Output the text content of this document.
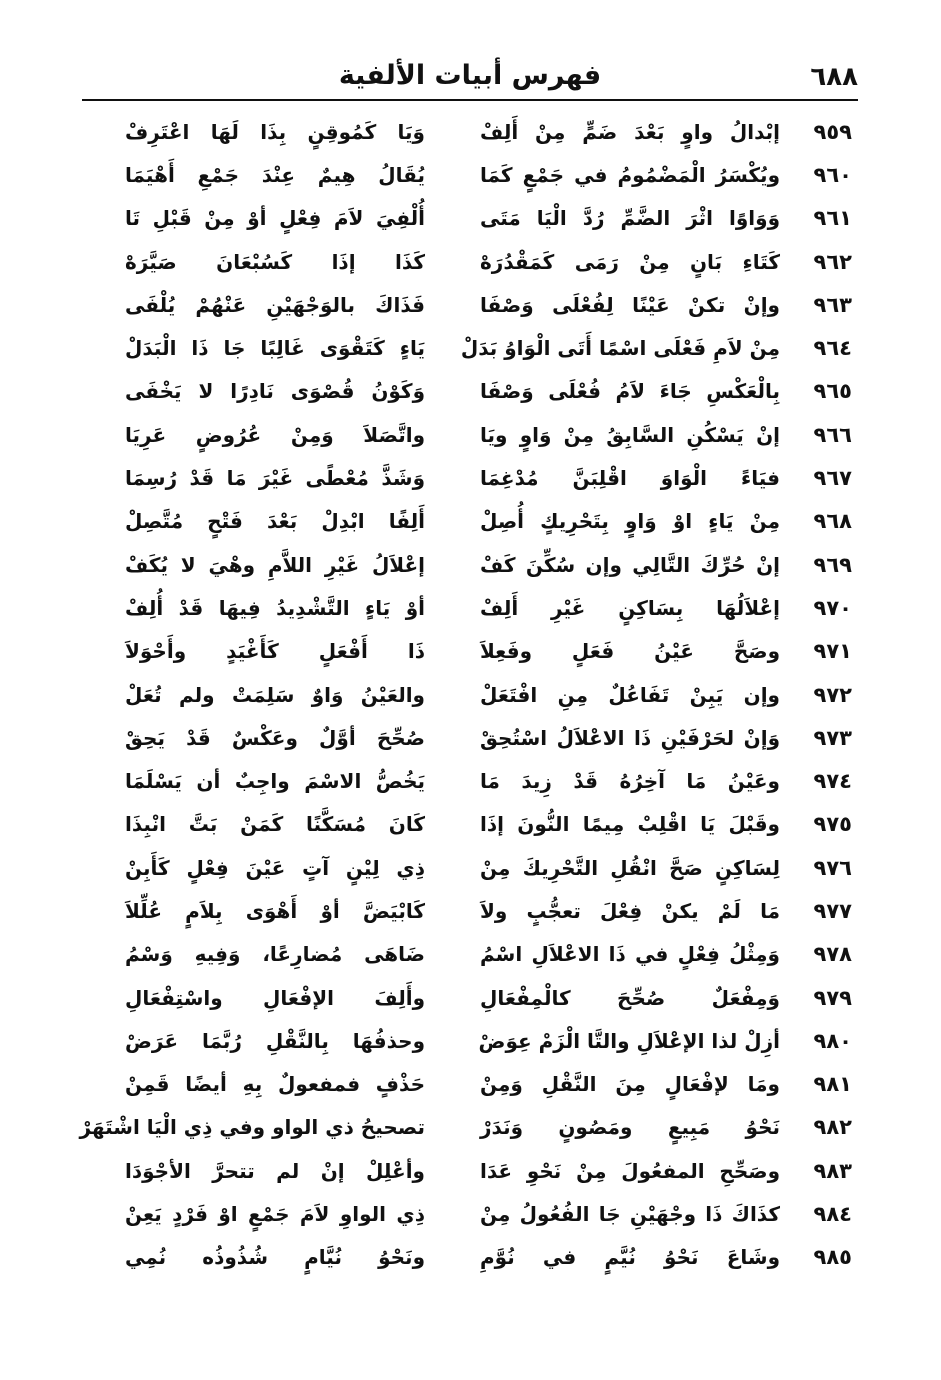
٦٨٨
فهرس أبيات الألفية
٩٥٩
إبْدالُ واوٍ بَعْدَ ضَمٍّ مِنْ أَلِفْ
وَيَا كَمُوقِنٍ بِذَا لَهَا اعْتَرِفْ
٩٦٠
ويُكْسَرُ الْمَضْمُومُ في جَمْعٍ كَمَا
يُقَالُ هِيمٌ عِنْدَ جَمْعِ أَهْيَمَا
٩٦١
وَوَاوًا اثْرَ الضَّمِّ رُدَّ الْيَا مَتَى
أُلْفِيَ لاَمَ فِعْلٍ أوْ مِنْ قَبْلِ تَا
٩٦٢
كَتَاءِ بَانٍ مِنْ رَمَى كَمَقْدُرَهْ
كَذَا إذَا كَسُبْعَانَ صَيَّرَهْ
٩٦٣
وإنْ تكنْ عَيْنًا لِفُعْلَى وَصْفَا
فَذَاكَ بالوَجْهَيْنِ عَنْهُمْ يُلْفَى
٩٦٤
مِنْ لاَمِ فَعْلَى اسْمًا أَتَى الْوَاوُ بَدَلْ
يَاءٍ كَتَقْوَى غَالِبًا جَا ذَا الْبَدَلْ
٩٦٥
بِالْعَكْسِ جَاءَ لاَمُ فُعْلَى وَصْفَا
وَكَوْنُ قُصْوَى نَادِرًا لا يَخْفَى
٩٦٦
إنْ يَسْكُنِ السَّابِقُ مِنْ وَاوٍ ويَا
واتَّصَلاَ وَمِنْ عُرُوضٍ عَرِيَا
٩٦٧
فيَاءً الْوَاوَ اقْلِبَنَّ مُدْغِمَا
وَشَذَّ مُعْطًى غَيْرَ مَا قَدْ رُسِمَا
٩٦٨
مِنْ يَاءٍ اوْ وَاوٍ بِتَحْرِيكٍ أُصِلْ
أَلِفًا ابْدِلْ بَعْدَ فَتْحٍ مُتَّصِلْ
٩٦٩
إنْ حُرِّكَ التَّالِي وإن سُكِّنَ كَفْ
إعْلاَلُ غَيْرِ اللاَّمِ وهْيَ لا يُكَفْ
٩٧٠
إعْلاَلُهَا بِسَاكِنٍ غَيْرِ أَلِفْ
أوْ يَاءٍ التَّشْدِيدُ فِيهَا قَدْ أُلِفْ
٩٧١
وصَحَّ عَيْنُ فَعَلٍ وفَعِلاَ
ذَا أَفْعَلٍ كَأَغْيَدٍ وأَحْوَلاَ
٩٧٢
وإن يَبِنْ تَفَاعُلٌ مِنِ افْتَعَلْ
والعَيْنُ وَاوٌ سَلِمَتْ ولم تُعَلْ
٩٧٣
وَإنْ لحَرْفَيْنِ ذَا الاعْلاَلُ اسْتُحِقْ
صُحِّحَ أوَّلٌ وعَكْسٌ قَدْ يَحِقْ
٩٧٤
وعَيْنُ مَا آخِرُهُ قَدْ زِيدَ مَا
يَخُصُّ الاسْمَ واجِبٌ أن يَسْلَمَا
٩٧٥
وقَبْلَ يَا اقْلِبْ مِيمًا النُّونَ إذَا
كَانَ مُسَكَّنًا كَمَنْ بَتَّ انْبِذَا
٩٧٦
لِسَاكِنٍ صَحَّ انْقُلِ التَّحْرِيكَ مِنْ
ذِي لِيْنٍ آتٍ عَيْنَ فِعْلٍ كَأَبِنْ
٩٧٧
مَا لَمْ يكنْ فِعْلَ تعجُّبٍ ولاَ
كَابْيَضَّ أوْ أَهْوَى بِلاَمٍ عُلِّلاَ
٩٧٨
وَمِثْلُ فِعْلٍ في ذَا الاعْلاَلِ اسْمُ
ضَاهَى مُضارِعًا، وَفِيهِ وَسْمُ
٩٧٩
وَمِفْعَلٌ صُحِّحَ كالْمِفْعَالِ
وأَلِفَ الإفْعَالِ واسْتِفْعَالِ
٩٨٠
أزِلْ لذا الإعْلاَلِ والتَّا الْزَمْ عِوَضْ
وحذفُهَا بِالنَّقْلِ رُبَّمَا عَرَضْ
٩٨١
ومَا لإفْعَالٍ مِنَ النَّقْلِ وَمِنْ
حَذْفٍ فمفعولٌ بِهِ أيضًا قَمِنْ
٩٨٢
نَحْوُ مَبِيعٍ ومَصُونٍ وَنَدَرْ
تصحيحُ ذي الواو وفي ذِي الْيَا اشْتَهَرْ
٩٨٣
وصَحِّحِ المفعُولَ مِنْ نَحْوِ عَدَا
وأعْلِلْ إنْ لم تتحرَّ الأجْوَدَا
٩٨٤
كذَاكَ ذَا وجْهَيْنِ جَا الفُعُولُ مِنْ
ذِي الواوِ لاَمَ جَمْعٍ اوْ فَرْدٍ يَعِنْ
٩٨٥
وشَاعَ نَحْوُ نُيَّمٍ في نُوَّمِ
ونَحْوُ نُيَّامٍ شُذُوذُه نُمِي
